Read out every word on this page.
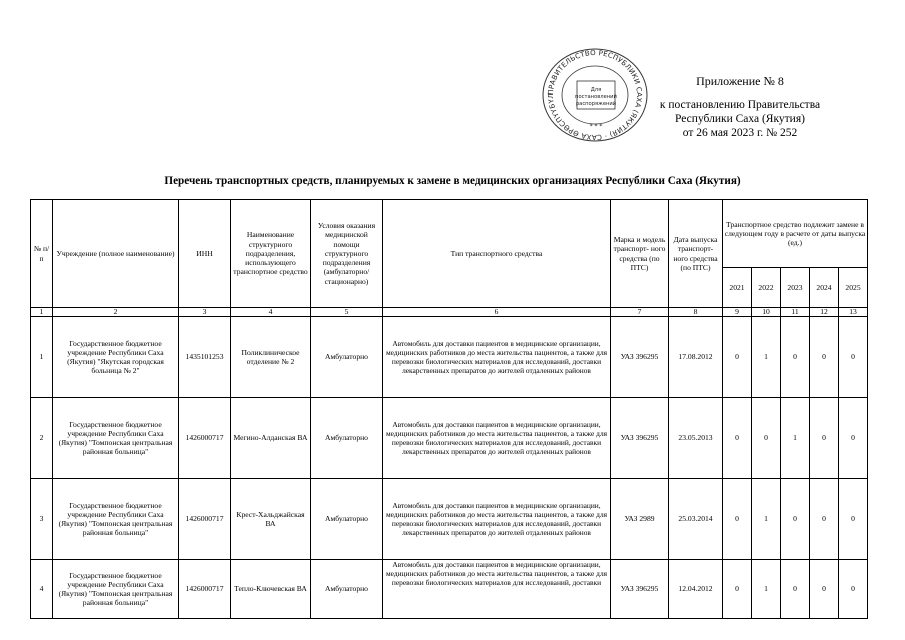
ПРАВИТЕЛЬСТВО РЕСПУБЛИКИ САХА (ЯКУТИЯ) · САХА ӨРӨСПҮҮБҮЛ
Для
постановлений
распоряжений
* * *
Приложение № 8
к постановлению Правительства
Республики Саха (Якутия)
от 26 мая 2023 г. № 252
Перечень транспортных средств, планируемых к замене в медицинских организациях Республики Саха (Якутия)
№ п/п	Учреждение (полное наименование)	ИНН	Наименование структурного подразделения, использующего транспортное средство	Условия оказания медицинской помощи структурного подразделения (амбулаторно/ стационарно)	Тип транспортного средства	Марка и модель транспорт- ного средства (по ПТС)	Дата выпуска транспорт- ного средства (по ПТС)	Транспортное средство подлежит замене в следующем году в расчете от даты выпуска (ед.)				
								2021	2022	2023	2024	2025
1	2	3	4	5	6	7	8	9	10	11	12	13
1	Государственное бюджетное учреждение Республики Саха (Якутия) "Якутская городская больница № 2"	1435101253	Поликлиническое отделение № 2	Амбулаторно	Автомобиль для доставки пациентов в медицинские организации, медицинских работников до места жительства пациентов, а также для перевозки биологических материалов для исследований, доставки лекарственных препаратов до жителей отдаленных районов	УАЗ 396295	17.08.2012	0	1	0	0	0
2	Государственное бюджетное учреждение Республики Саха (Якутия) "Томпонская центральная районная больница"	1426000717	Мегино-Алданская ВА	Амбулаторно	Автомобиль для доставки пациентов в медицинские организации, медицинских работников до места жительства пациентов, а также для перевозки биологических материалов для исследований, доставки лекарственных препаратов до жителей отдаленных районов	УАЗ 396295	23.05.2013	0	0	1	0	0
3	Государственное бюджетное учреждение Республики Саха (Якутия) "Томпонская центральная районная больница"	1426000717	Крест-Хальджайская ВА	Амбулаторно	Автомобиль для доставки пациентов в медицинские организации, медицинских работников до места жительства пациентов, а также для перевозки биологических материалов для исследований, доставки лекарственных препаратов до жителей отдаленных районов	УАЗ 2989	25.03.2014	0	1	0	0	0
4	Государственное бюджетное учреждение Республики Саха (Якутия) "Томпонская центральная районная больница"	1426000717	Тепло-Ключевская ВА	Амбулаторно	Автомобиль для доставки пациентов в медицинские организации, медицинских работников до места жительства пациентов, а также для перевозки биологических материалов для исследований, доставки	УАЗ 396295	12.04.2012	0	1	0	0	0
